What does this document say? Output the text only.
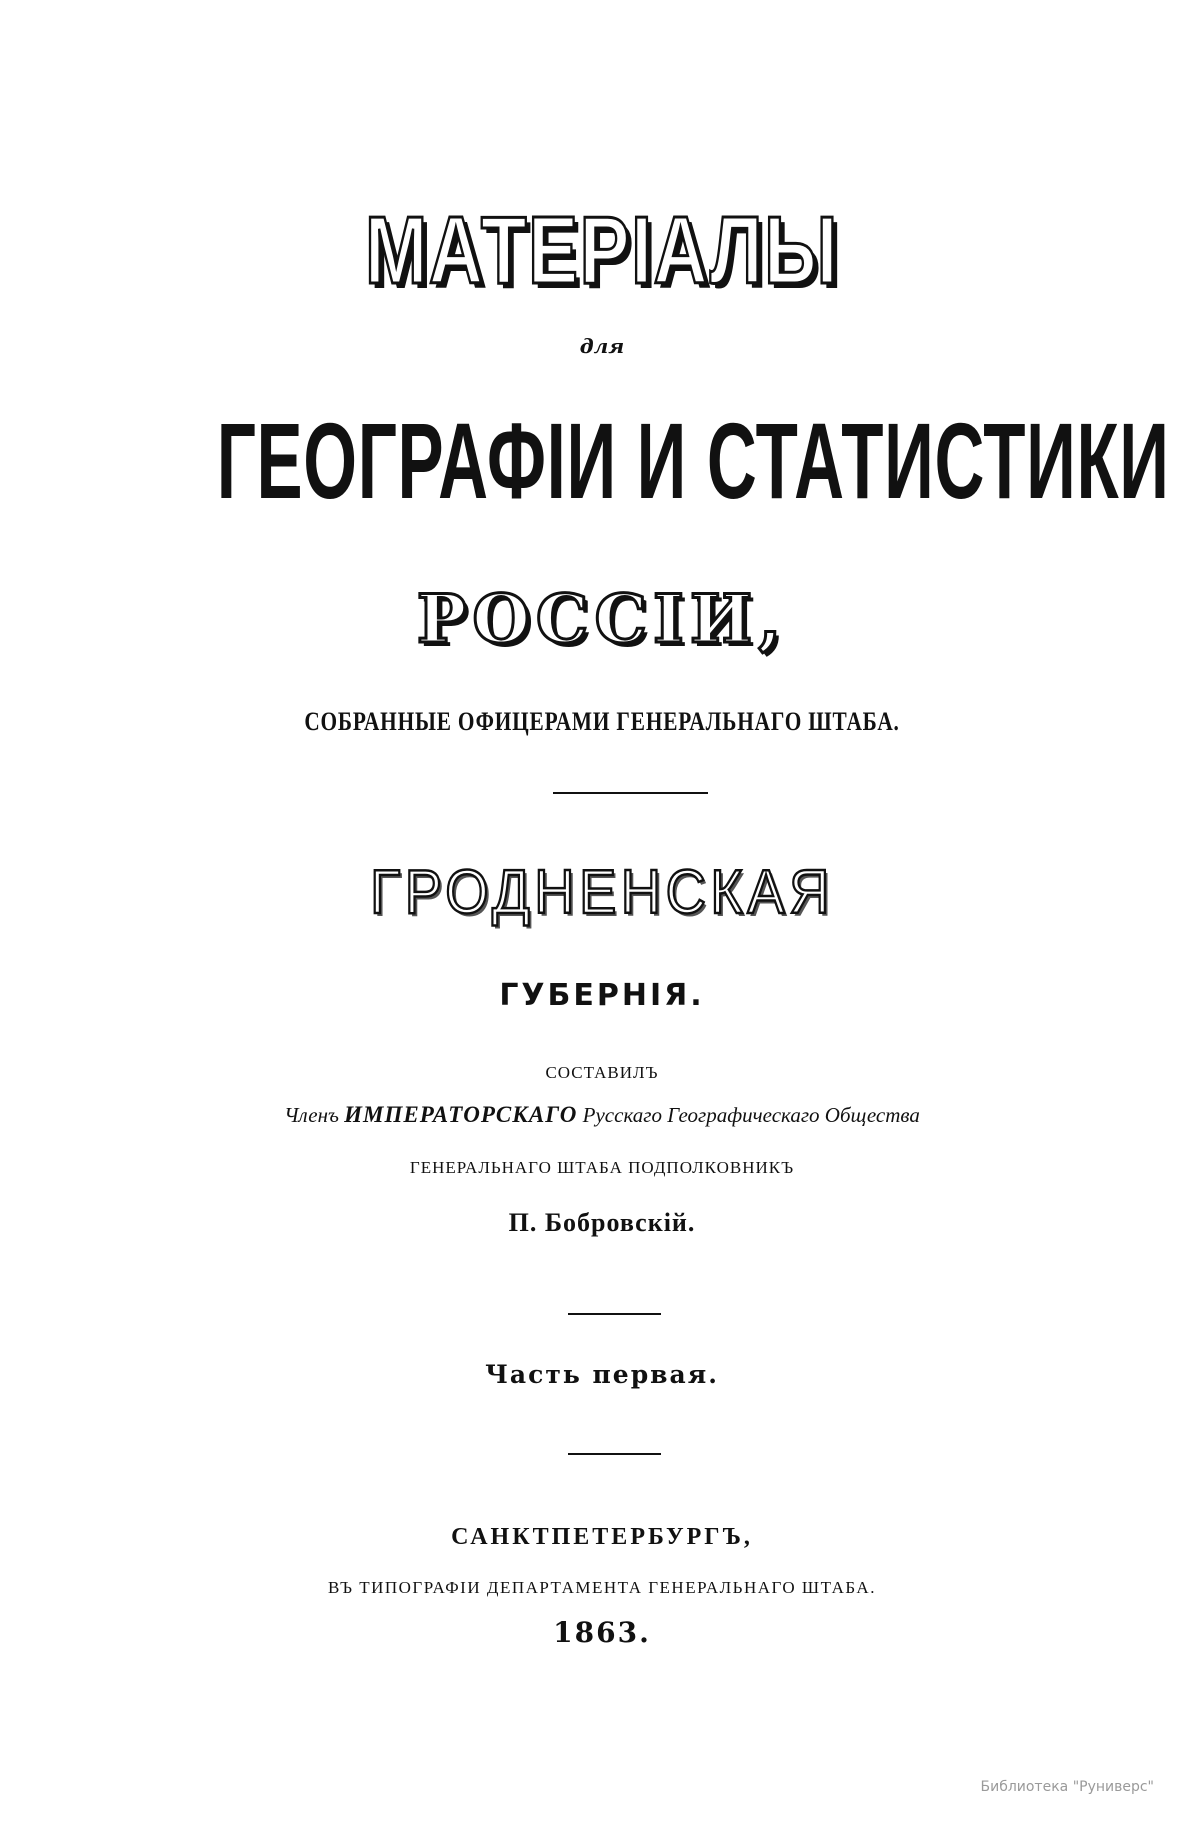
МАТЕРІАЛЫ
для
ГЕОГРАФІИ И СТАТИСТИКИ
РОССІИ,
СОБРАННЫЕ ОФИЦЕРАМИ ГЕНЕРАЛЬНАГО ШТАБА.
ГРОДНЕНСКАЯ
ГУБЕРНІЯ.
СОСТАВИЛЪ
Членъ ИМПЕРАТОРСКАГО Русскаго Географическаго Общества
ГЕНЕРАЛЬНАГО ШТАБА ПОДПОЛКОВНИКЪ
П. Бобровскій.
Часть первая.
САНКТПЕТЕРБУРГЪ,
ВЪ ТИПОГРАФІИ ДЕПАРТАМЕНТА ГЕНЕРАЛЬНАГО ШТАБА.
1863.
Библиотека "Руниверс"
